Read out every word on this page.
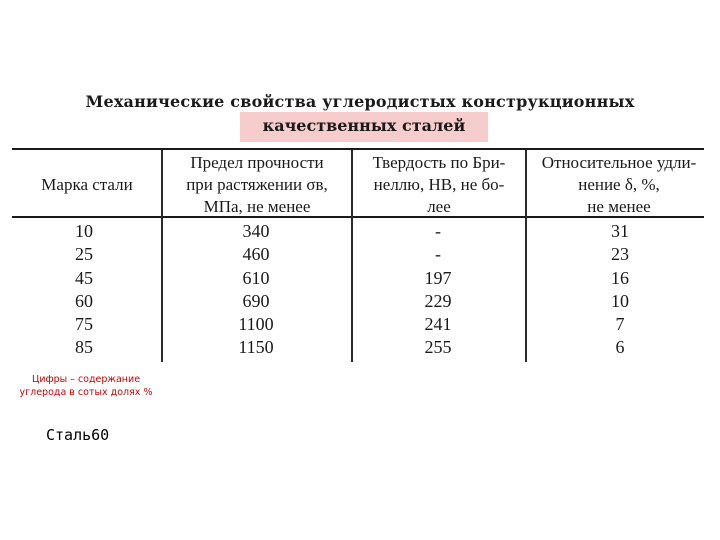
Механические свойства углеродистых конструкционных
качественных сталей
Марка стали
Предел прочности
при растяжении σв,
МПа, не менее
Твердость по Бри-
неллю, НВ, не бо-
лее
Относительное удли-
нение δ, %,
не менее
10
25
45
60
75
85
340
460
610
690
1100
1150
-
-
197
229
241
255
31
23
16
10
7
6
Цифры – содержание углерода в сотых долях %
Сталь60
